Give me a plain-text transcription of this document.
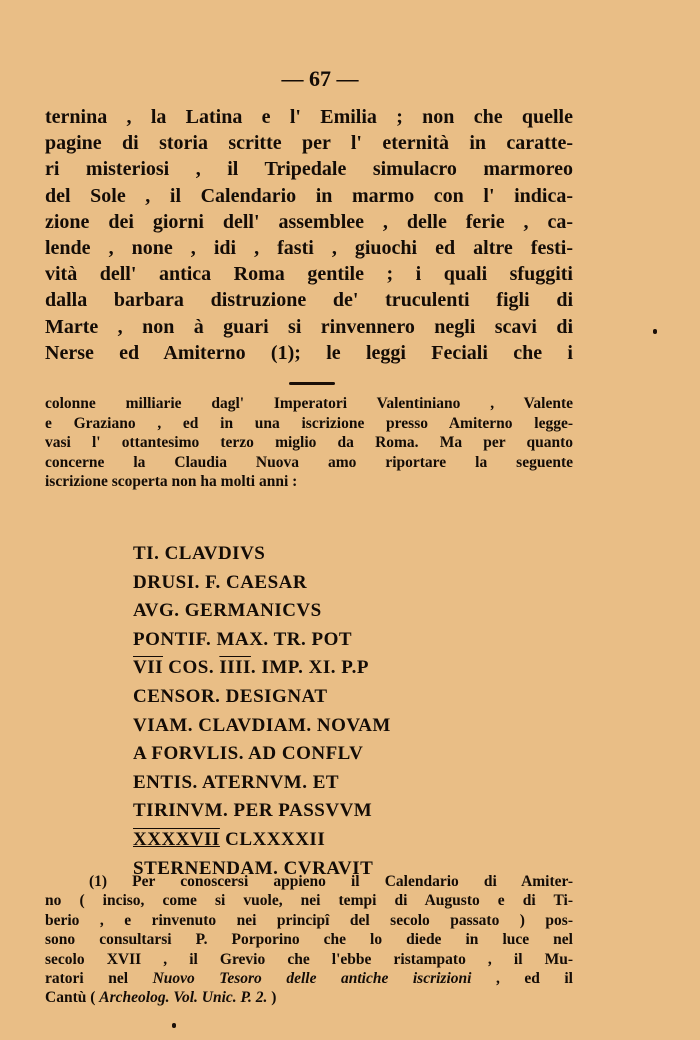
— 67 —
ternina , la Latina e l' Emilia ; non che quelle
pagine di storia scritte per l' eternità in caratte-
ri misteriosi , il Tripedale simulacro marmoreo
del Sole , il Calendario in marmo con l' indica-
zione dei giorni dell' assemblee , delle ferie , ca-
lende , none , idi , fasti , giuochi ed altre festi-
vità dell' antica Roma gentile ; i quali sfuggiti
dalla barbara distruzione de' truculenti figli di
Marte , non à guari si rinvennero negli scavi di
Nerse ed Amiterno (1); le leggi Feciali che i
colonne milliarie dagl' Imperatori Valentiniano , Valente
e Graziano , ed in una iscrizione presso Amiterno legge-
vasi l' ottantesimo terzo miglio da Roma. Ma per quanto
concerne la Claudia Nuova amo riportare la seguente
iscrizione scoperta non ha molti anni :
TI. CLAVDIVS
DRUSI. F. CAESAR
AVG. GERMANICVS
PONTIF. MAX. TR. POT
$\overline{VII}$ COS. IIII. IMP. XI. P.P
CENSOR. DESIGNAT
VIAM. CLAVDIAM. NOVAM
A FORVLIS. AD CONFLV
ENTIS. ATERNVM. ET
TIRINVM. PER PASSVVM
XXXXVII CLXXXXII
STERNENDAM. CVRAVIT
(1) Per conoscersi appieno il Calendario di Amiter-
no ( inciso, come si vuole, nei tempi di Augusto e di Ti-
berio , e rinvenuto nei principî del secolo passato ) pos-
sono consultarsi P. Porporino che lo diede in luce nel
secolo XVII , il Grevio che l'ebbe ristampato , il Mu-
ratori nel Nuovo Tesoro delle antiche iscrizioni , ed il
Cantù ( Archeolog. Vol. Unic. P. 2. )
